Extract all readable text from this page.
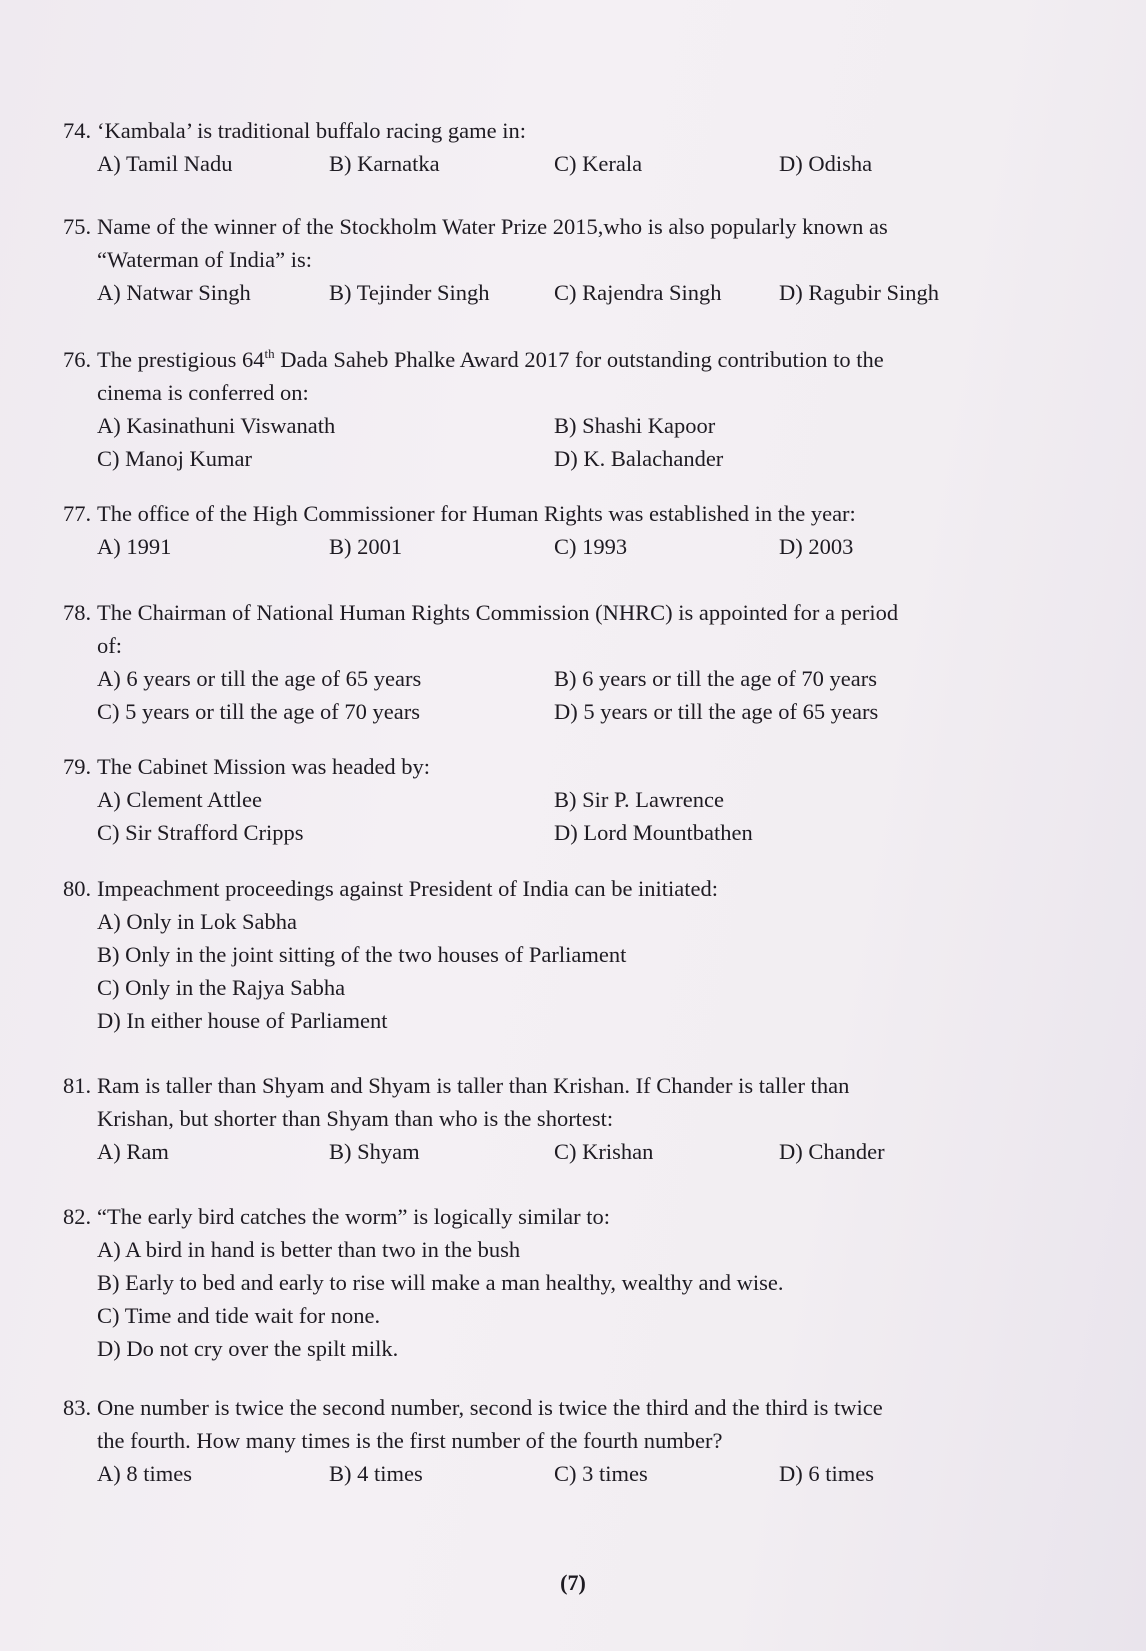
74. ‘Kambala’ is traditional buffalo racing game in:
A) Tamil Nadu	B) Karnatka	C) Kerala	D) Odisha
75. Name of the winner of the Stockholm Water Prize 2015,who is also popularly known as
“Waterman of India” is:
A) Natwar Singh	B) Tejinder Singh	C) Rajendra Singh	D) Ragubir Singh
76. The prestigious 64th Dada Saheb Phalke Award 2017 for outstanding contribution to the
cinema is conferred on:
A) Kasinathuni Viswanath	B) Shashi Kapoor
C) Manoj Kumar	D) K. Balachander
77. The office of the High Commissioner for Human Rights was established in the year:
A) 1991	B) 2001	C) 1993	D) 2003
78. The Chairman of National Human Rights Commission (NHRC) is appointed for a period
of:
A) 6 years or till the age of 65 years	B) 6 years or till the age of 70 years
C) 5 years or till the age of 70 years	D) 5 years or till the age of 65 years
79. The Cabinet Mission was headed by:
A) Clement Attlee	B) Sir P. Lawrence
C) Sir Strafford Cripps	D) Lord Mountbathen
80. Impeachment proceedings against President of India can be initiated:
A) Only in Lok Sabha
B) Only in the joint sitting of the two houses of Parliament
C) Only in the Rajya Sabha
D) In either house of Parliament
81. Ram is taller than Shyam and Shyam is taller than Krishan. If Chander is taller than
Krishan, but shorter than Shyam than who is the shortest:
A) Ram	B) Shyam	C) Krishan	D) Chander
82. “The early bird catches the worm” is logically similar to:
A) A bird in hand is better than two in the bush
B) Early to bed and early to rise will make a man healthy, wealthy and wise.
C) Time and tide wait for none.
D) Do not cry over the spilt milk.
83. One number is twice the second number, second is twice the third and the third is twice
the fourth. How many times is the first number of the fourth number?
A) 8 times	B) 4 times	C) 3 times	D) 6 times
(7)
